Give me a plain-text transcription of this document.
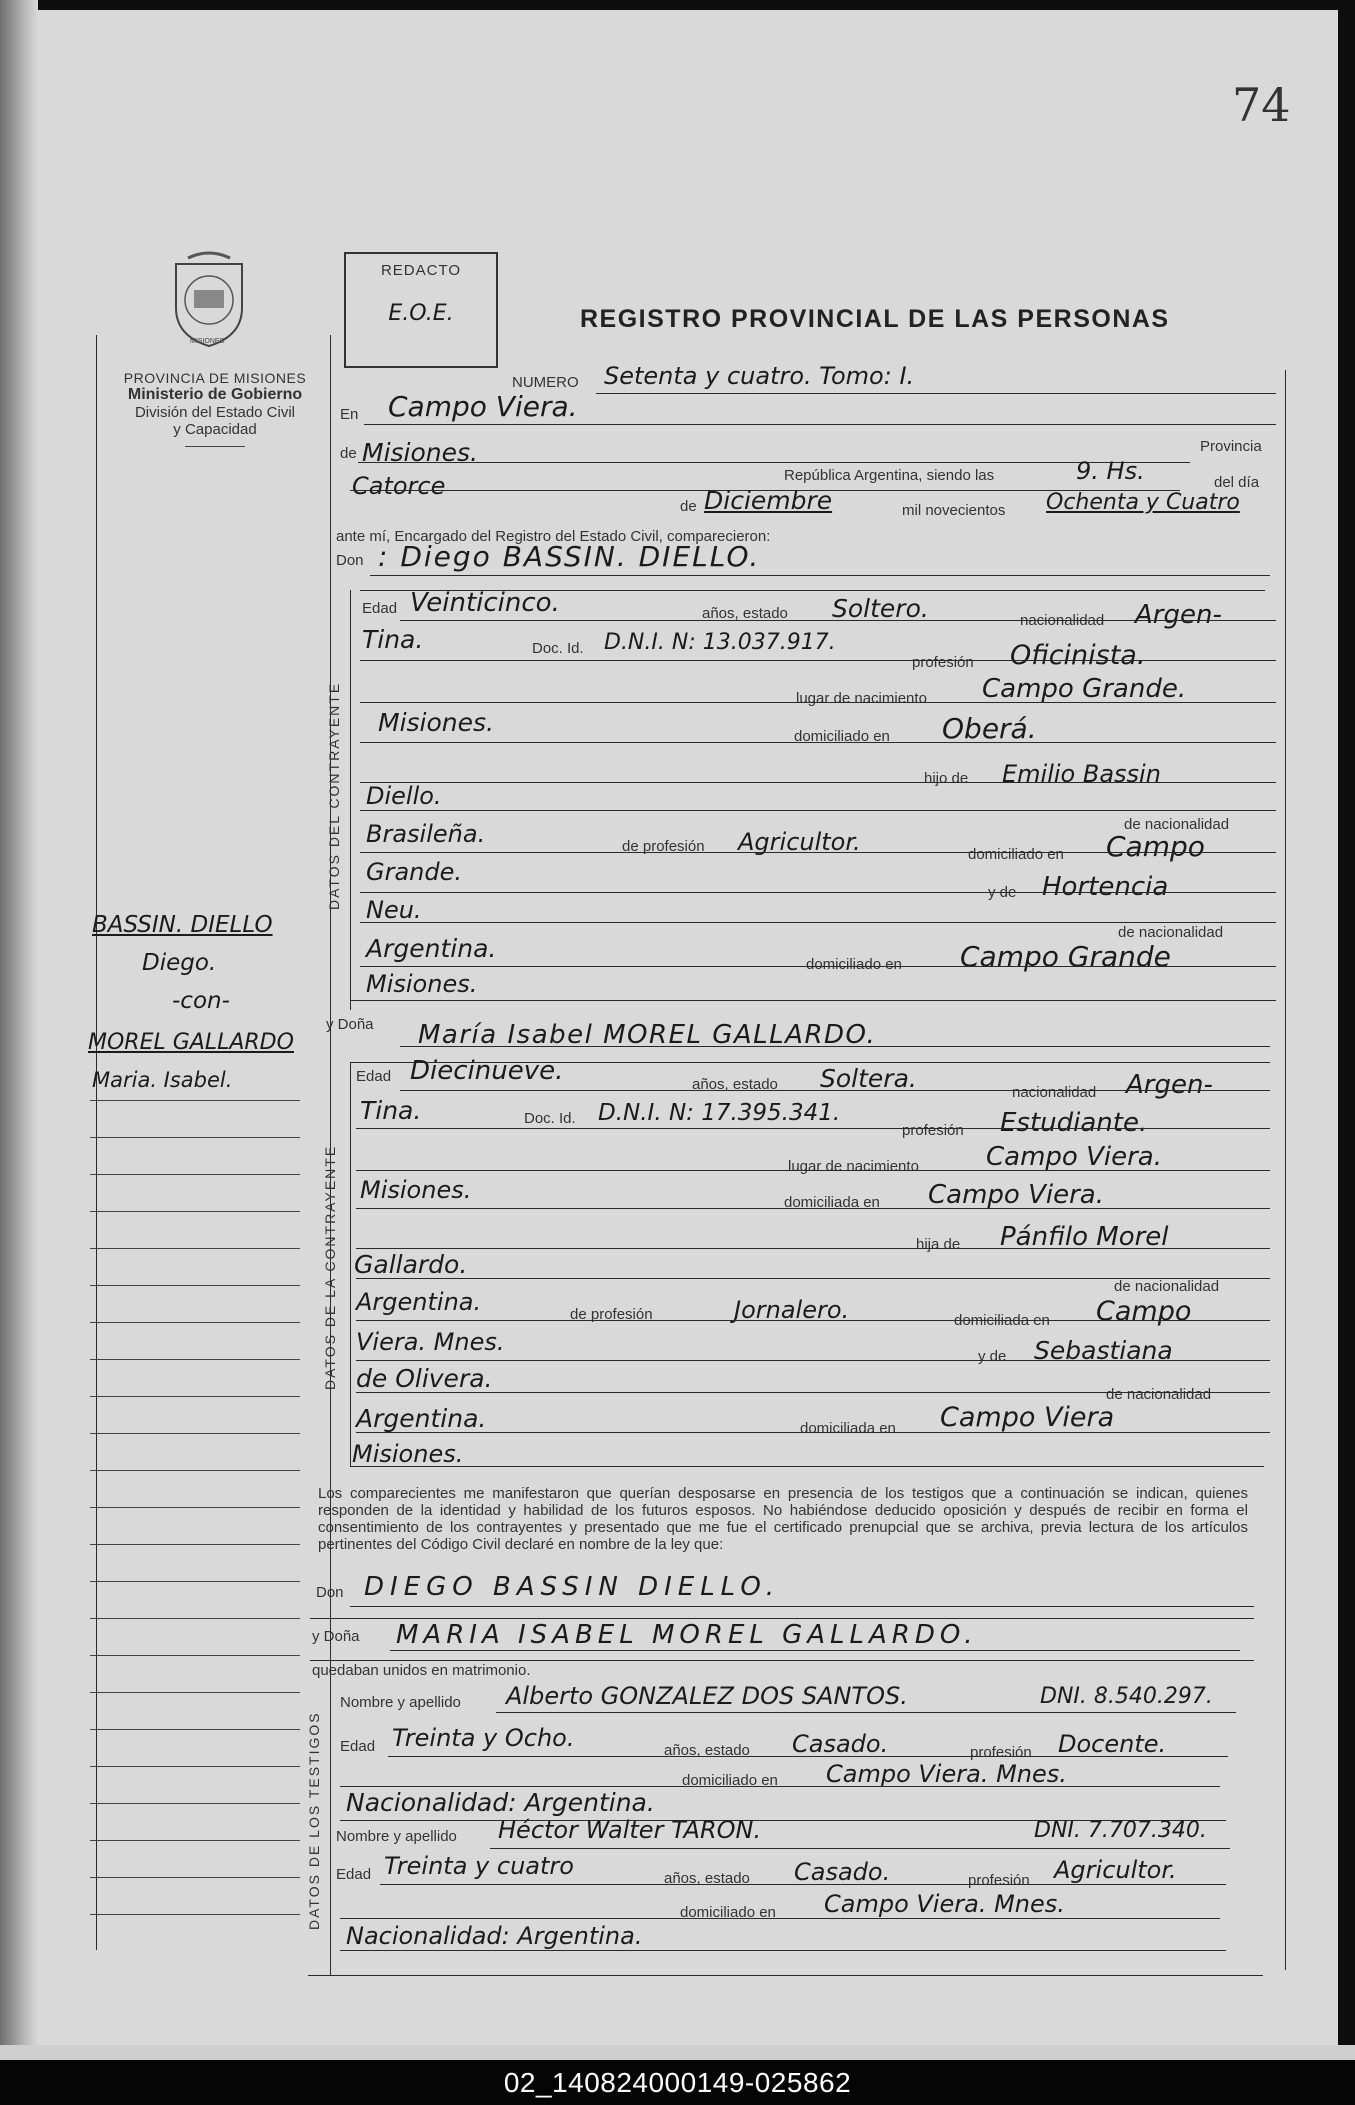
74
MISIONES
PROVINCIA DE MISIONES
Ministerio de Gobierno
División del Estado Civil
y Capacidad
REDACTO
E.O.E.	REGISTRO PROVINCIAL DE LAS PERSONAS
BASSIN. DIELLO
Diego.
-con-
MOREL GALLARDO
Maria. Isabel.
NUMERO Setenta y cuatro. Tomo: I.
En Campo Viera.
de Misiones.	Provincia
República Argentina, siendo las	9. Hs.	del día
Catorce
de Diciembre	mil novecientos Ochenta y Cuatro
ante mí, Encargado del Registro del Estado Civil, comparecieron:
Don : Diego BASSIN. DIELLO.
DATOS DEL CONTRAYENTE
Edad Veinticinco.	años, estado Soltero.	nacionalidad Argen-
Tina.	Doc. Id. D.N.I. N: 13.037.917.
profesión Oficinista.
lugar de nacimiento Campo Grande.
Misiones.	domiciliado en Oberá.
hijo de Emilio Bassin
Diello.
de nacionalidad
Brasileña.	de profesión Agricultor.	domiciliado en Campo
Grande.
y de Hortencia
Neu.
de nacionalidad
Argentina.
domiciliado en Campo Grande
Misiones.
y Doña María Isabel MOREL GALLARDO.
DATOS DE LA CONTRAYENTE
Edad Diecinueve.	años, estado Soltera.	nacionalidad Argen-
Tina.	Doc. Id. D.N.I. N: 17.395.341.
profesión Estudiante.
lugar de nacimiento	Campo Viera.
Misiones.	domiciliada en Campo Viera.
hija de Pánfilo Morel
Gallardo.
de nacionalidad
Argentina.	de profesión	Jornalero.	domiciliada en Campo
Viera. Mnes.
y de Sebastiana
de Olivera.
de nacionalidad
Argentina.	domiciliada en Campo Viera
Misiones.
Los comparecientes me manifestaron que querían desposarse en presencia de los testigos que a continuación se indican, quienes responden de la identidad y habilidad de los futuros esposos. No habiéndose deducido oposición y después de recibir en forma el consentimiento de los contrayentes y presentado que me fue el certificado prenupcial que se archiva, previa lectura de los artículos pertinentes del Código Civil declaré en nombre de la ley que:
Don DIEGO BASSIN DIELLO.
y Doña MARIA ISABEL MOREL GALLARDO.
quedaban unidos en matrimonio.
DATOS DE LOS TESTIGOS
Nombre y apellido Alberto GONZALEZ DOS SANTOS.	DNI. 8.540.297.
Edad Treinta y Ocho.	años, estado Casado.	profesión Docente.
domiciliado en Campo Viera. Mnes.
Nacionalidad: Argentina.
Nombre y apellido Héctor Walter TARON.	DNI. 7.707.340.
Edad Treinta y cuatro	años, estado Casado.	profesión Agricultor.
domiciliado en Campo Viera. Mnes.
Nacionalidad: Argentina.
02_140824000149-025862
